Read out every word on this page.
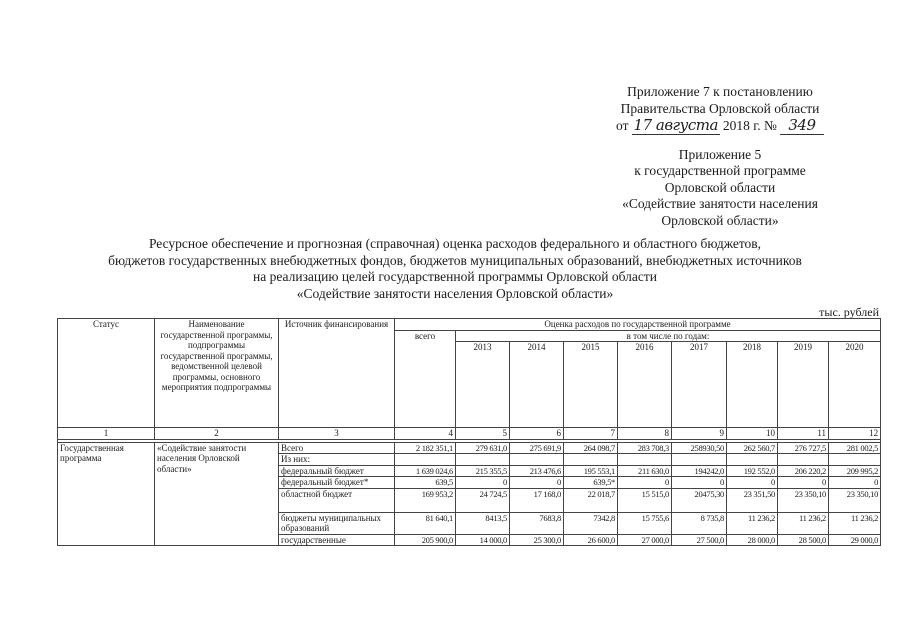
Приложение 7 к постановлению
Правительства Орловской области
от 17 августа 2018 г. № 349
Приложение 5
к государственной программе
Орловской области
«Содействие занятости населения
Орловской области»
Ресурсное обеспечение и прогнозная (справочная) оценка расходов федерального и областного бюджетов,
бюджетов государственных внебюджетных фондов, бюджетов муниципальных образований, внебюджетных источников
на реализацию целей государственной программы Орловской области
«Содействие занятости населения Орловской области»
тыс. рублей
Статус	Наименование государственной программы, подпрограммы государственной программы, ведомственной целевой программы, основного мероприятия подпрограммы	Источник финансирования	Оценка расходов по государственной программе								
			всего	в том числе по годам:							
				2013	2014	2015	2016	2017	2018	2019	2020
1	2	3	4	5	6	7	8	9	10	11	12

Государственная программа	«Содействие занятости населения Орловской области»	Всего	2 182 351,1	279 631,0	275 691,9	264 098,7	283 708,3	258930,50	262 560,7	276 727,5	281 002,5
		Из них:									
		федеральный бюджет	1 639 024,6	215 355,5	213 476,6	195 553,1	211 630,0	194242,0	192 552,0	206 220,2	209 995,2
		федеральный бюджет*	639,5	0	0	639,5*	0	0	0	0	0
		областной бюджет	169 953,2	24 724,5	17 168,0	22 018,7	15 515,0	20475,30	23 351,50	23 350,10	23 350,10
		бюджеты муниципальных образований	81 640,1	8413,5	7683,8	7342,8	15 755,6	8 735,8	11 236,2	11 236,2	11 236,2
		государственные	205 900,0	14 000,0	25 300,0	26 600,0	27 000,0	27 500,0	28 000,0	28 500,0	29 000,0
